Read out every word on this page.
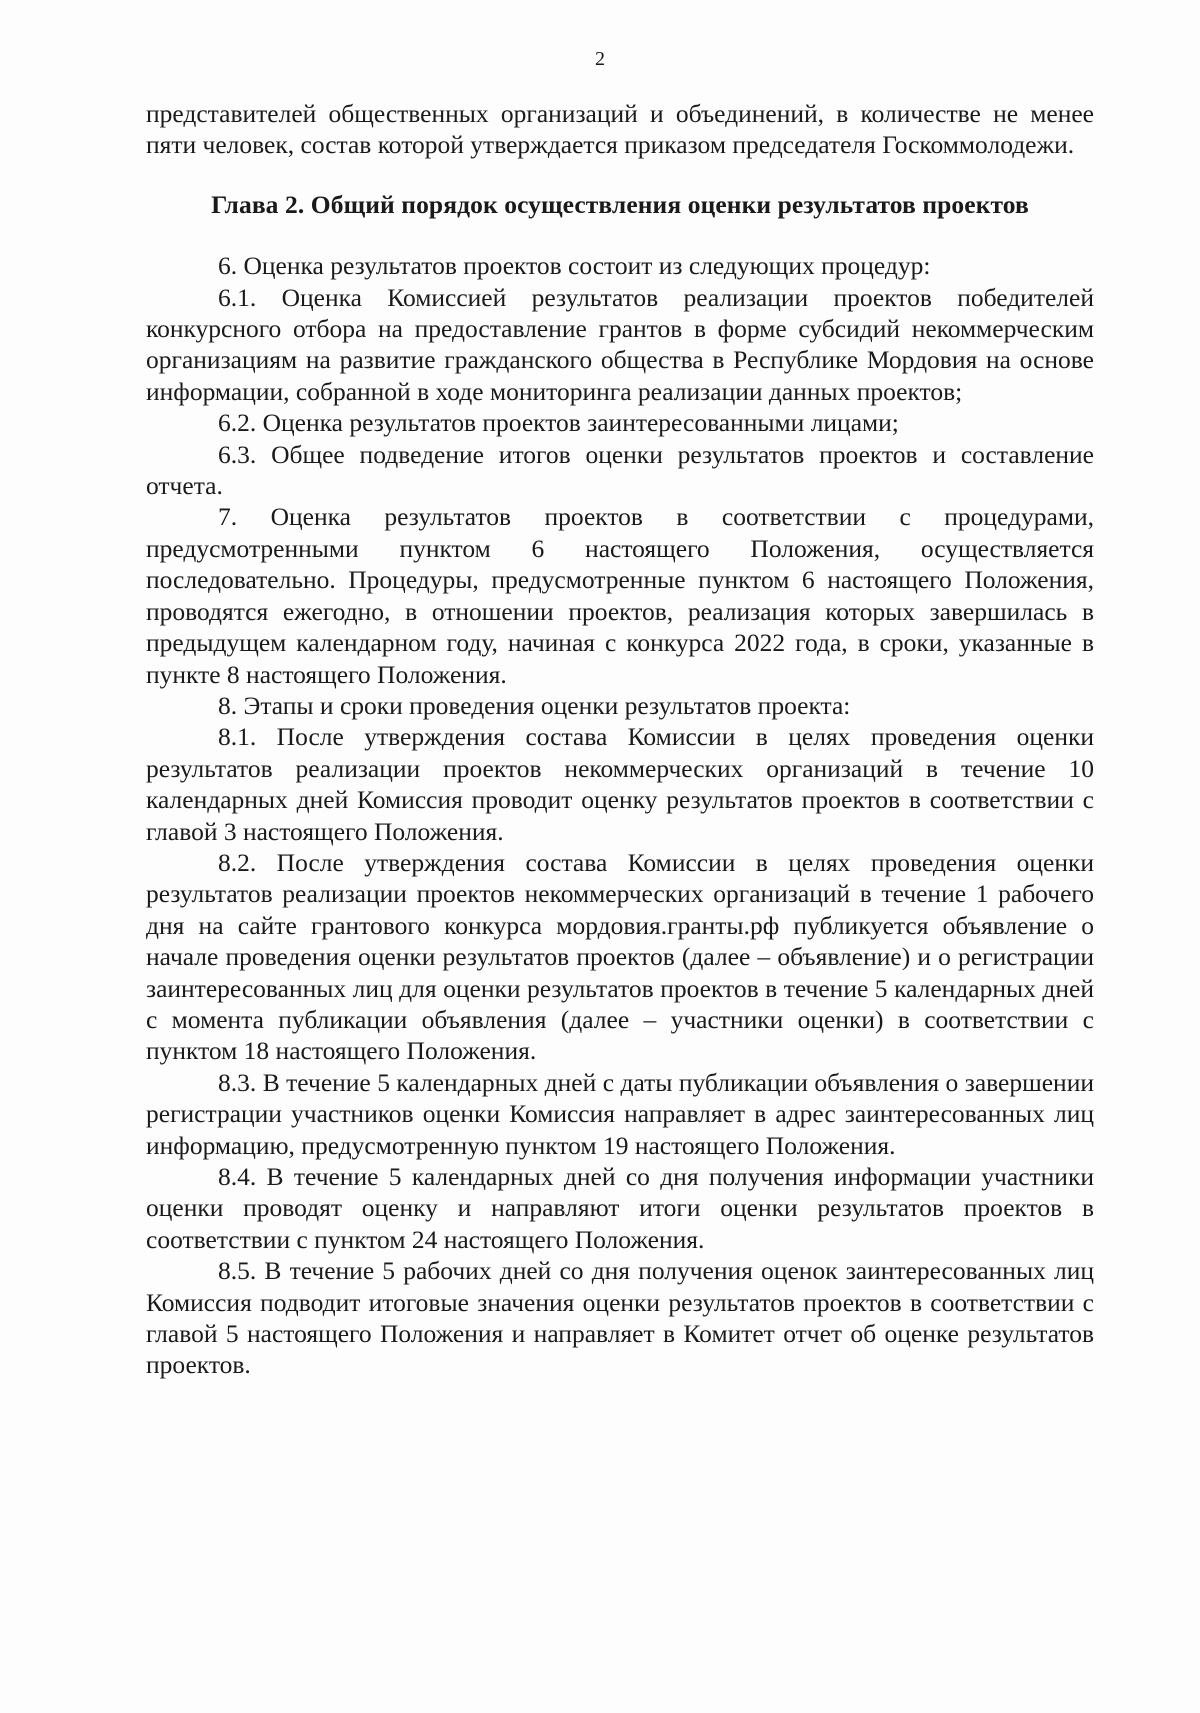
2

представителей общественных организаций и объединений, в количестве не менее пяти человек, состав которой утверждается приказом председателя Госкоммолодежи.

Глава 2. Общий порядок осуществления оценки результатов проектов

6. Оценка результатов проектов состоит из следующих процедур:

6.1. Оценка Комиссией результатов реализации проектов победителей конкурсного отбора на предоставление грантов в форме субсидий некоммерческим организациям на развитие гражданского общества в Республике Мордовия на основе информации, собранной в ходе мониторинга реализации данных проектов;

6.2. Оценка результатов проектов заинтересованными лицами;

6.3. Общее подведение итогов оценки результатов проектов и составление отчета.

7. Оценка результатов проектов в соответствии с процедурами, предусмотренными пунктом 6 настоящего Положения, осуществляется последовательно. Процедуры, предусмотренные пунктом 6 настоящего Положения, проводятся ежегодно, в отношении проектов, реализация которых завершилась в предыдущем календарном году, начиная с конкурса 2022 года, в сроки, указанные в пункте 8 настоящего Положения.

8. Этапы и сроки проведения оценки результатов проекта:

8.1. После утверждения состава Комиссии в целях проведения оценки результатов реализации проектов некоммерческих организаций в течение 10 календарных дней Комиссия проводит оценку результатов проектов в соответствии с главой 3 настоящего Положения.

8.2. После утверждения состава Комиссии в целях проведения оценки результатов реализации проектов некоммерческих организаций в течение 1 рабочего дня на сайте грантового конкурса мордовия.гранты.рф публикуется объявление о начале проведения оценки результатов проектов (далее – объявление) и о регистрации заинтересованных лиц для оценки результатов проектов в течение 5 календарных дней с момента публикации объявления (далее – участники оценки) в соответствии с пунктом 18 настоящего Положения.

8.3. В течение 5 календарных дней с даты публикации объявления о завершении регистрации участников оценки Комиссия направляет в адрес заинтересованных лиц информацию, предусмотренную пунктом 19 настоящего Положения.

8.4. В течение 5 календарных дней со дня получения информации участники оценки проводят оценку и направляют итоги оценки результатов проектов в соответствии с пунктом 24 настоящего Положения.

8.5. В течение 5 рабочих дней со дня получения оценок заинтересованных лиц Комиссия подводит итоговые значения оценки результатов проектов в соответствии с главой 5 настоящего Положения и направляет в Комитет отчет об оценке результатов проектов.
